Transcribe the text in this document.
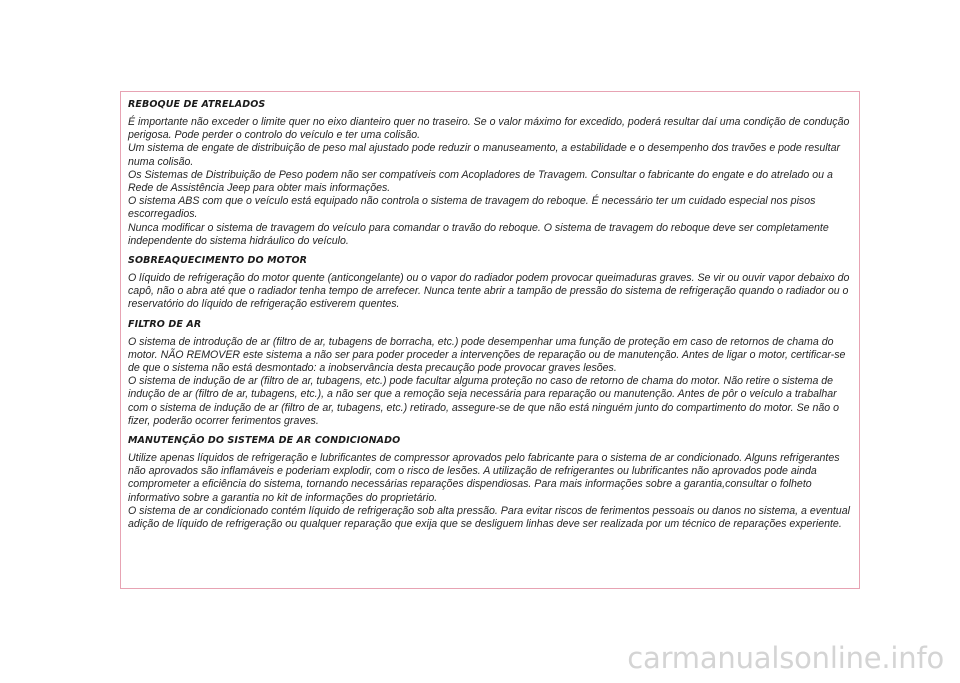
REBOQUE DE ATRELADOS

É importante não exceder o limite quer no eixo dianteiro quer no traseiro. Se o valor máximo for excedido, poderá resultar daí uma condição de condução perigosa. Pode perder o controlo do veículo e ter uma colisão.

Um sistema de engate de distribuição de peso mal ajustado pode reduzir o manuseamento, a estabilidade e o desempenho dos travões e pode resultar numa colisão.

Os Sistemas de Distribuição de Peso podem não ser compatíveis com Acopladores de Travagem. Consultar o fabricante do engate e do atrelado ou a Rede de Assistência Jeep para obter mais informações.

O sistema ABS com que o veículo está equipado não controla o sistema de travagem do reboque. É necessário ter um cuidado especial nos pisos escorregadios.

Nunca modificar o sistema de travagem do veículo para comandar o travão do reboque. O sistema de travagem do reboque deve ser completamente independente do sistema hidráulico do veículo.

SOBREAQUECIMENTO DO MOTOR

O líquido de refrigeração do motor quente (anticongelante) ou o vapor do radiador podem provocar queimaduras graves. Se vir ou ouvir vapor debaixo do capô, não o abra até que o radiador tenha tempo de arrefecer. Nunca tente abrir a tampão de pressão do sistema de refrigeração quando o radiador ou o reservatório do líquido de refrigeração estiverem quentes.

FILTRO DE AR

O sistema de introdução de ar (filtro de ar, tubagens de borracha, etc.) pode desempenhar uma função de proteção em caso de retornos de chama do motor. NÃO REMOVER este sistema a não ser para poder proceder a intervenções de reparação ou de manutenção. Antes de ligar o motor, certificar-se de que o sistema não está desmontado: a inobservância desta precaução pode provocar graves lesões.

O sistema de indução de ar (filtro de ar, tubagens, etc.) pode facultar alguma proteção no caso de retorno de chama do motor. Não retire o sistema de indução de ar (filtro de ar, tubagens, etc.), a não ser que a remoção seja necessária para reparação ou manutenção. Antes de pôr o veículo a trabalhar com o sistema de indução de ar (filtro de ar, tubagens, etc.) retirado, assegure-se de que não está ninguém junto do compartimento do motor. Se não o fizer, poderão ocorrer ferimentos graves.

MANUTENÇÃO DO SISTEMA DE AR CONDICIONADO

Utilize apenas líquidos de refrigeração e lubrificantes de compressor aprovados pelo fabricante para o sistema de ar condicionado. Alguns refrigerantes não aprovados são inflamáveis e poderiam explodir, com o risco de lesões. A utilização de refrigerantes ou lubrificantes não aprovados pode ainda comprometer a eficiência do sistema, tornando necessárias reparações dispendiosas. Para mais informações sobre a garantia,consultar o folheto informativo sobre a garantia no kit de informações do proprietário.

O sistema de ar condicionado contém líquido de refrigeração sob alta pressão. Para evitar riscos de ferimentos pessoais ou danos no sistema, a eventual adição de líquido de refrigeração ou qualquer reparação que exija que se desliguem linhas deve ser realizada por um técnico de reparações experiente.

carmanualsonline.info
